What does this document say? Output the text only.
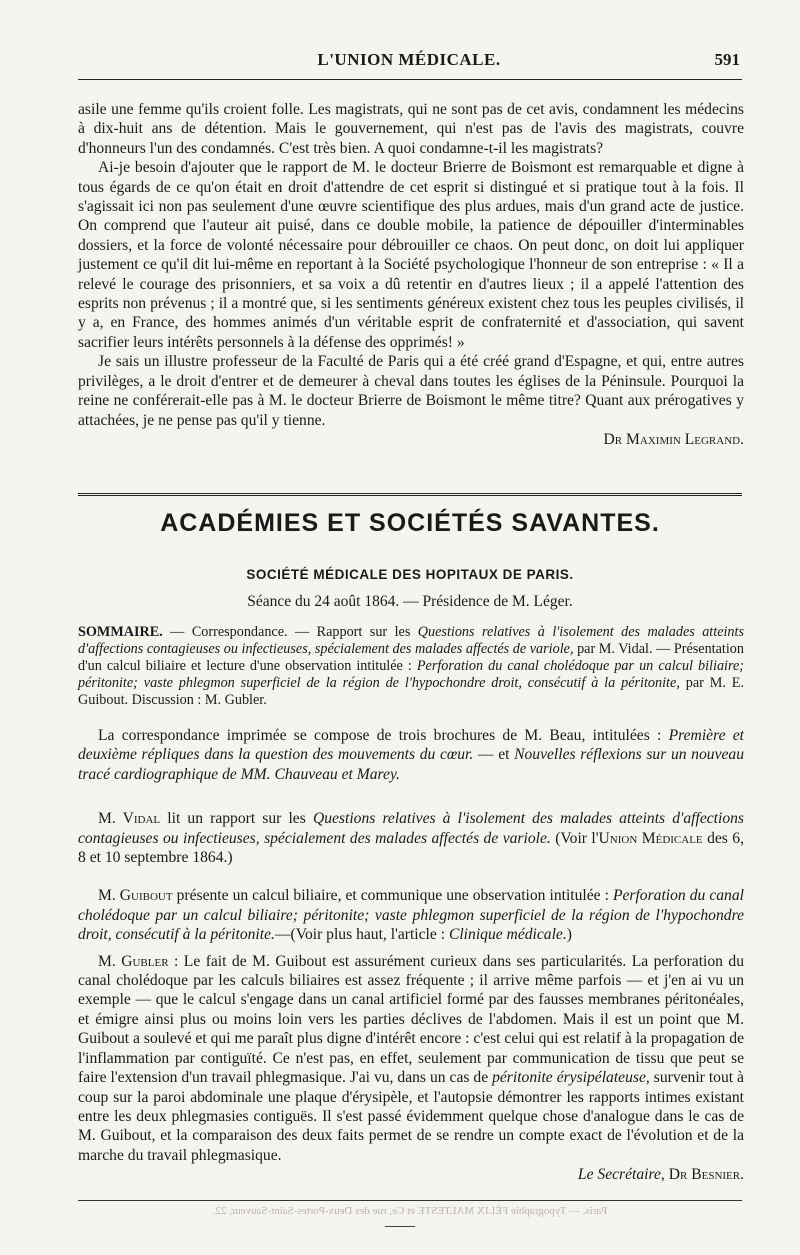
L'UNION MÉDICALE.	591

asile une femme qu'ils croient folle. Les magistrats, qui ne sont pas de cet avis, condamnent les médecins à dix-huit ans de détention. Mais le gouvernement, qui n'est pas de l'avis des magistrats, couvre d'honneurs l'un des condamnés. C'est très bien. A quoi condamne-t-il les magistrats?

Ai-je besoin d'ajouter que le rapport de M. le docteur Brierre de Boismont est remarquable et digne à tous égards de ce qu'on était en droit d'attendre de cet esprit si distingué et si pratique tout à la fois. Il s'agissait ici non pas seulement d'une œuvre scientifique des plus ardues, mais d'un grand acte de justice. On comprend que l'auteur ait puisé, dans ce double mobile, la patience de dépouiller d'interminables dossiers, et la force de volonté nécessaire pour débrouiller ce chaos. On peut donc, on doit lui appliquer justement ce qu'il dit lui-même en reportant à la Société psychologique l'honneur de son entreprise : « Il a relevé le courage des prisonniers, et sa voix a dû retentir en d'autres lieux ; il a appelé l'attention des esprits non prévenus ; il a montré que, si les sentiments généreux existent chez tous les peuples civilisés, il y a, en France, des hommes animés d'un véritable esprit de confraternité et d'association, qui savent sacrifier leurs intérêts personnels à la défense des opprimés! »

Je sais un illustre professeur de la Faculté de Paris qui a été créé grand d'Espagne, et qui, entre autres privilèges, a le droit d'entrer et de demeurer à cheval dans toutes les églises de la Péninsule. Pourquoi la reine ne conférerait-elle pas à M. le docteur Brierre de Boismont le même titre? Quant aux prérogatives y attachées, je ne pense pas qu'il y tienne.

Dr Maximin Legrand.
ACADÉMIES ET SOCIÉTÉS SAVANTES.
SOCIÉTÉ MÉDICALE DES HOPITAUX DE PARIS.
Séance du 24 août 1864. — Présidence de M. Léger.

SOMMAIRE. — Correspondance. — Rapport sur les Questions relatives à l'isolement des malades atteints d'affections contagieuses ou infectieuses, spécialement des malades affectés de variole, par M. Vidal. — Présentation d'un calcul biliaire et lecture d'une observation intitulée : Perforation du canal cholédoque par un calcul biliaire; péritonite; vaste phlegmon superficiel de la région de l'hypochondre droit, consécutif à la péritonite, par M. E. Guibout. Discussion : M. Gubler.

La correspondance imprimée se compose de trois brochures de M. Beau, intitulées : Première et deuxième répliques dans la question des mouvements du cœur. — et Nouvelles réflexions sur un nouveau tracé cardiographique de MM. Chauveau et Marey.

M. Vidal lit un rapport sur les Questions relatives à l'isolement des malades atteints d'affections contagieuses ou infectieuses, spécialement des malades affectés de variole. (Voir l'Union Médicale des 6, 8 et 10 septembre 1864.)

M. Guibout présente un calcul biliaire, et communique une observation intitulée : Perforation du canal cholédoque par un calcul biliaire; péritonite; vaste phlegmon superficiel de la région de l'hypochondre droit, consécutif à la péritonite.—(Voir plus haut, l'article : Clinique médicale.)

M. Gubler : Le fait de M. Guibout est assurément curieux dans ses particularités. La perforation du canal cholédoque par les calculs biliaires est assez fréquente ; il arrive même parfois — et j'en ai vu un exemple — que le calcul s'engage dans un canal artificiel formé par des fausses membranes péritonéales, et émigre ainsi plus ou moins loin vers les parties déclives de l'abdomen. Mais il est un point que M. Guibout a soulevé et qui me paraît plus digne d'intérêt encore : c'est celui qui est relatif à la propagation de l'inflammation par contiguïté. Ce n'est pas, en effet, seulement par communication de tissu que peut se faire l'extension d'un travail phlegmasique. J'ai vu, dans un cas de péritonite érysipélateuse, survenir tout à coup sur la paroi abdominale une plaque d'érysipèle, et l'autopsie démontrer les rapports intimes existant entre les deux phlegmasies contiguës. Il s'est passé évidemment quelque chose d'analogue dans le cas de M. Guibout, et la comparaison des deux faits permet de se rendre un compte exact de l'évolution et de la marche du travail phlegmasique.

Le Secrétaire, Dr Besnier.
Paris. — Typographie FÉLIX MALTESTE et Ce, rue des Deux-Portes-Saint-Sauveur, 22.
